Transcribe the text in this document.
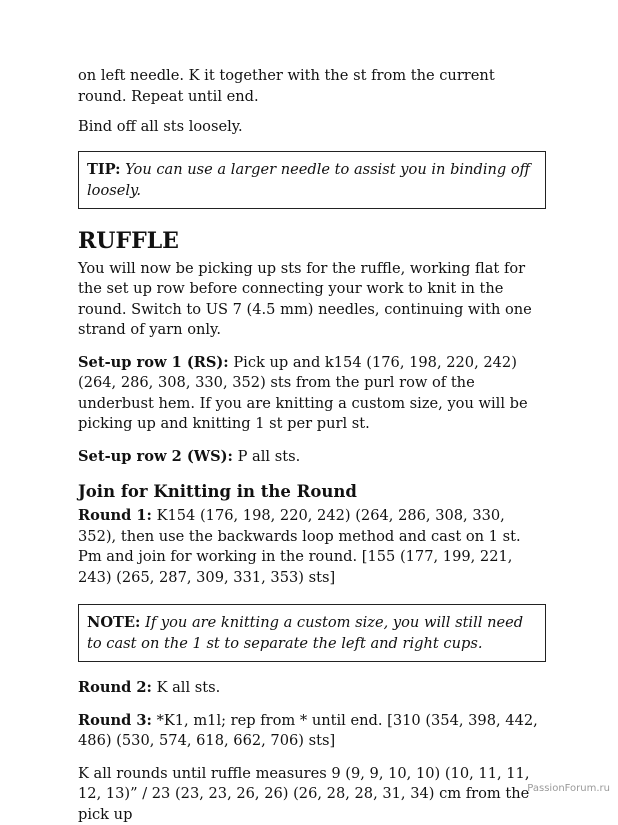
on left needle. K it together with the st from the current round. Repeat until end.

Bind off all sts loosely.

TIP: You can use a larger needle to assist you in binding off loosely.
RUFFLE

You will now be picking up sts for the ruffle, working flat for the set up row before connecting your work to knit in the round. Switch to US 7 (4.5 mm) needles, continuing with one strand of yarn only.

Set-up row 1 (RS): Pick up and k154 (176, 198, 220, 242) (264, 286, 308, 330, 352) sts from the purl row of the underbust hem. If you are knitting a custom size, you will be picking up and knitting 1 st per purl st.

Set-up row 2 (WS): P all sts.

Join for Knitting in the Round

Round 1: K154 (176, 198, 220, 242) (264, 286, 308, 330, 352), then use the backwards loop method and cast on 1 st. Pm and join for working in the round. [155 (177, 199, 221, 243) (265, 287, 309, 331, 353) sts]

NOTE: If you are knitting a custom size, you will still need to cast on the 1 st to separate the left and right cups.

Round 2: K all sts.

Round 3: *K1, m1l; rep from * until end. [310 (354, 398, 442, 486) (530, 574, 618, 662, 706) sts]

K all rounds until ruffle measures 9 (9, 9, 10, 10) (10, 11, 11, 12, 13)” / 23 (23, 23, 26, 26) (26, 28, 28, 31, 34) cm from the pick up

PassionForum.ru
